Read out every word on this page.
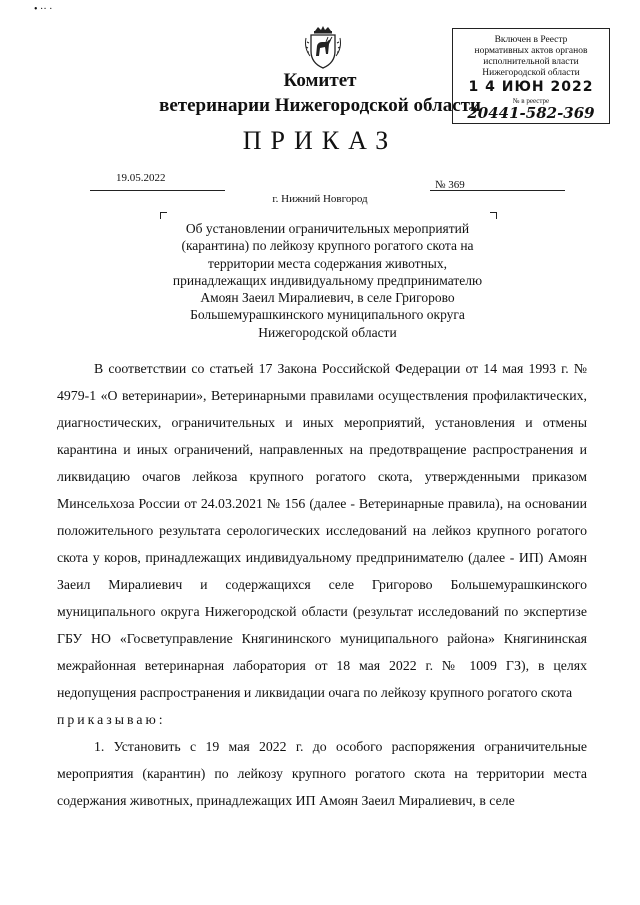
• ·· ·
Комитет
ветеринарии Нижегородской области
ПРИКАЗ
Включен в Реестр
нормативных актов органов
исполнительной власти
Нижегородской области
1 4 ИЮН 2022
№ в реестре
20441-582-369
19.05.2022
№ 369
г. Нижний Новгород
Об установлении ограничительных мероприятий (карантина) по лейкозу крупного рогатого скота на территории места содержания животных, принадлежащих индивидуальному предпринимателю Амоян Заеил Миралиевич, в селе Григорово Большемурашкинского муниципального округа Нижегородской области

В соответствии со статьей 17 Закона Российской Федерации от 14 мая 1993 г. № 4979-1 «О ветеринарии», Ветеринарными правилами осуществления профилактических, диагностических, ограничительных и иных мероприятий, установления и отмены карантина и иных ограничений, направленных на предотвращение распространения и ликвидацию очагов лейкоза крупного рогатого скота, утвержденными приказом Минсельхоза России от 24.03.2021 № 156 (далее - Ветеринарные правила), на основании положительного результата серологических исследований на лейкоз крупного рогатого скота у коров, принадлежащих индивидуальному предпринимателю (далее - ИП) Амоян Заеил Миралиевич и содержащихся селе Григорово Большемурашкинского муниципального округа Нижегородской области (результат исследований по экспертизе ГБУ НО «Госветуправление Княгининского муниципального района» Княгининская межрайонная ветеринарная лаборатория от 18 мая 2022 г. № 1009 ГЗ), в целях недопущения распространения и ликвидации очага по лейкозу крупного рогатого скота

приказываю:

1. Установить с 19 мая 2022 г. до особого распоряжения ограничительные мероприятия (карантин) по лейкозу крупного рогатого скота на территории места содержания животных, принадлежащих ИП Амоян Заеил Миралиевич, в селе
